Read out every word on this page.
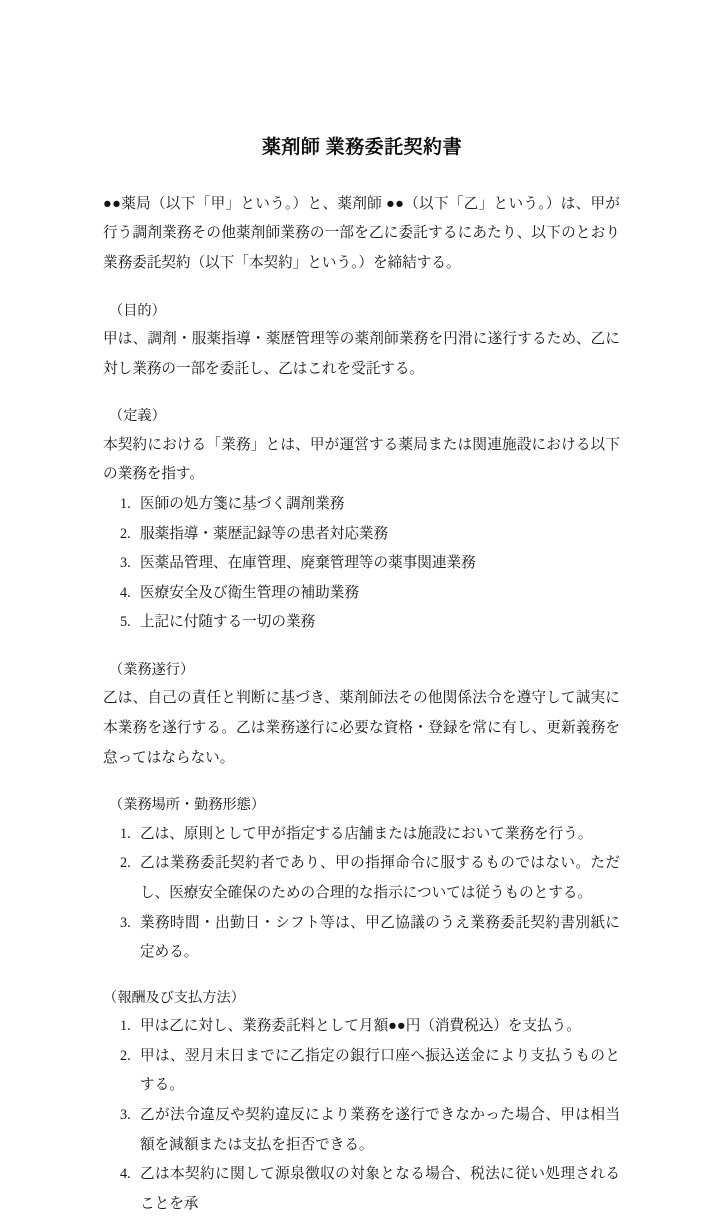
薬剤師 業務委託契約書

●●薬局（以下「甲」という。）と、薬剤師 ●●（以下「乙」という。）は、甲が行う調剤業務その他薬剤師業務の一部を乙に委託するにあたり、以下のとおり業務委託契約（以下「本契約」という。）を締結する。

（目的）

甲は、調剤・服薬指導・薬歴管理等の薬剤師業務を円滑に遂行するため、乙に対し業務の一部を委託し、乙はこれを受託する。

（定義）

本契約における「業務」とは、甲が運営する薬局または関連施設における以下の業務を指す。

医師の処方箋に基づく調剤業務
服薬指導・薬歴記録等の患者対応業務
医薬品管理、在庫管理、廃棄管理等の薬事関連業務
医療安全及び衛生管理の補助業務
上記に付随する一切の業務

（業務遂行）

乙は、自己の責任と判断に基づき、薬剤師法その他関係法令を遵守して誠実に本業務を遂行する。乙は業務遂行に必要な資格・登録を常に有し、更新義務を怠ってはならない。

（業務場所・勤務形態）

乙は、原則として甲が指定する店舗または施設において業務を行う。
乙は業務委託契約者であり、甲の指揮命令に服するものではない。ただし、医療安全確保のための合理的な指示については従うものとする。
業務時間・出勤日・シフト等は、甲乙協議のうえ業務委託契約書別紙に定める。

（報酬及び支払方法）

甲は乙に対し、業務委託料として月額●●円（消費税込）を支払う。
甲は、翌月末日までに乙指定の銀行口座へ振込送金により支払うものとする。
乙が法令違反や契約違反により業務を遂行できなかった場合、甲は相当額を減額または支払を拒否できる。
乙は本契約に関して源泉徴収の対象となる場合、税法に従い処理されることを承
